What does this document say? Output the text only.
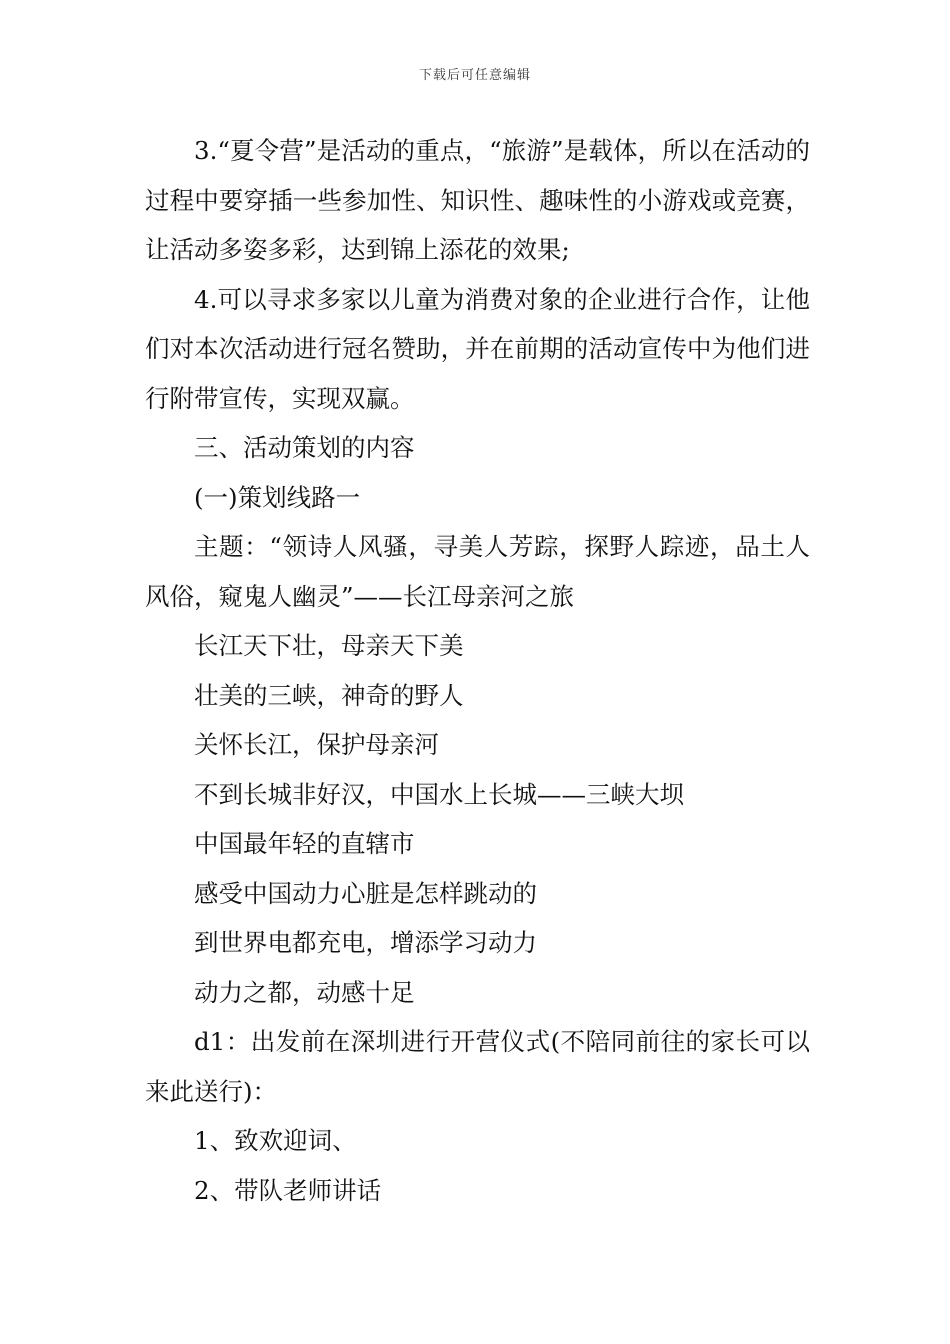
下载后可任意编辑

3.“夏令营”是活动的重点，“旅游”是载体，所以在活动的过程中要穿插一些参加性、知识性、趣味性的小游戏或竞赛，让活动多姿多彩，达到锦上添花的效果;

4.可以寻求多家以儿童为消费对象的企业进行合作，让他们对本次活动进行冠名赞助，并在前期的活动宣传中为他们进行附带宣传，实现双赢。

三、活动策划的内容

(一)策划线路一

主题：“领诗人风骚，寻美人芳踪，探野人踪迹，品土人风俗，窥鬼人幽灵”——长江母亲河之旅

长江天下壮，母亲天下美

壮美的三峡，神奇的野人

关怀长江，保护母亲河

不到长城非好汉，中国水上长城——三峡大坝

中国最年轻的直辖市

感受中国动力心脏是怎样跳动的

到世界电都充电，增添学习动力

动力之都，动感十足

d1：出发前在深圳进行开营仪式(不陪同前往的家长可以来此送行)：

1、致欢迎词、

2、带队老师讲话
